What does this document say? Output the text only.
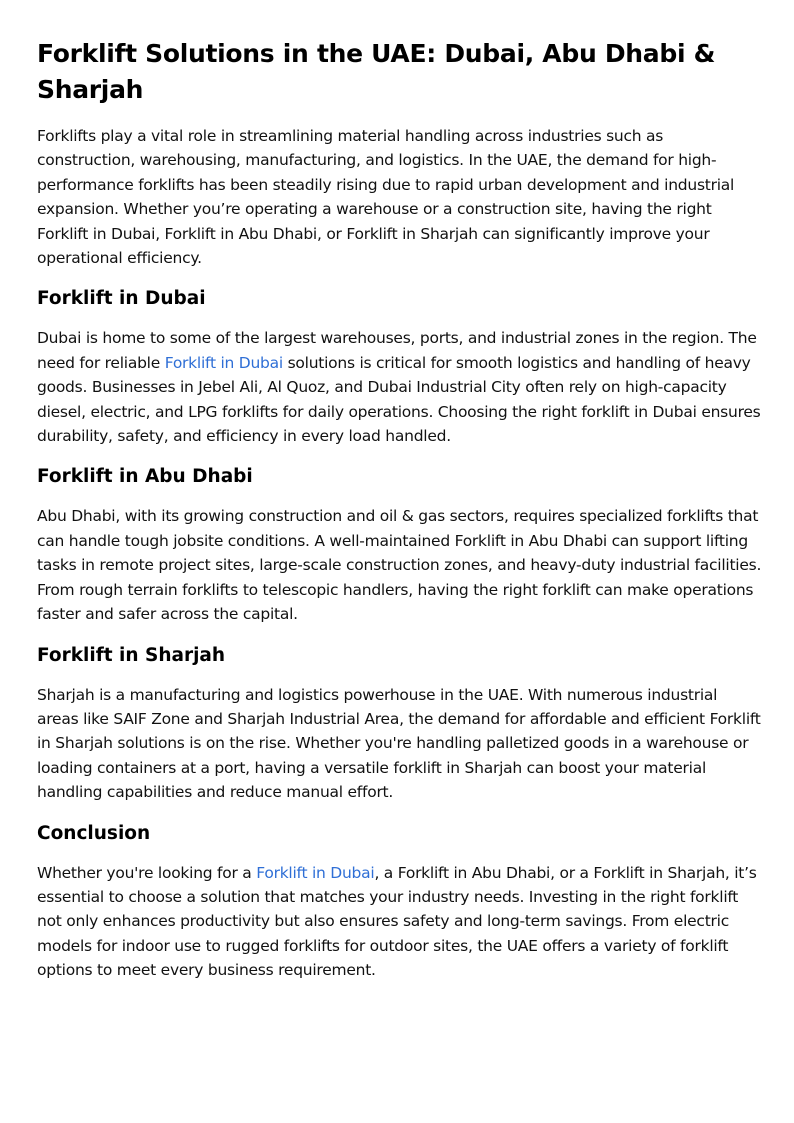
Forklift Solutions in the UAE: Dubai, Abu Dhabi & Sharjah

Forklifts play a vital role in streamlining material handling across industries such as construction, warehousing, manufacturing, and logistics. In the UAE, the demand for high-performance forklifts has been steadily rising due to rapid urban development and industrial expansion. Whether you’re operating a warehouse or a construction site, having the right Forklift in Dubai, Forklift in Abu Dhabi, or Forklift in Sharjah can significantly improve your operational efficiency.

Forklift in Dubai

Dubai is home to some of the largest warehouses, ports, and industrial zones in the region. The need for reliable Forklift in Dubai solutions is critical for smooth logistics and handling of heavy goods. Businesses in Jebel Ali, Al Quoz, and Dubai Industrial City often rely on high-capacity diesel, electric, and LPG forklifts for daily operations. Choosing the right forklift in Dubai ensures durability, safety, and efficiency in every load handled.

Forklift in Abu Dhabi

Abu Dhabi, with its growing construction and oil & gas sectors, requires specialized forklifts that can handle tough jobsite conditions. A well-maintained Forklift in Abu Dhabi can support lifting tasks in remote project sites, large-scale construction zones, and heavy-duty industrial facilities. From rough terrain forklifts to telescopic handlers, having the right forklift can make operations faster and safer across the capital.

Forklift in Sharjah

Sharjah is a manufacturing and logistics powerhouse in the UAE. With numerous industrial areas like SAIF Zone and Sharjah Industrial Area, the demand for affordable and efficient Forklift in Sharjah solutions is on the rise. Whether you're handling palletized goods in a warehouse or loading containers at a port, having a versatile forklift in Sharjah can boost your material handling capabilities and reduce manual effort.

Conclusion

Whether you're looking for a Forklift in Dubai, a Forklift in Abu Dhabi, or a Forklift in Sharjah, it’s essential to choose a solution that matches your industry needs. Investing in the right forklift not only enhances productivity but also ensures safety and long-term savings. From electric models for indoor use to rugged forklifts for outdoor sites, the UAE offers a variety of forklift options to meet every business requirement.
